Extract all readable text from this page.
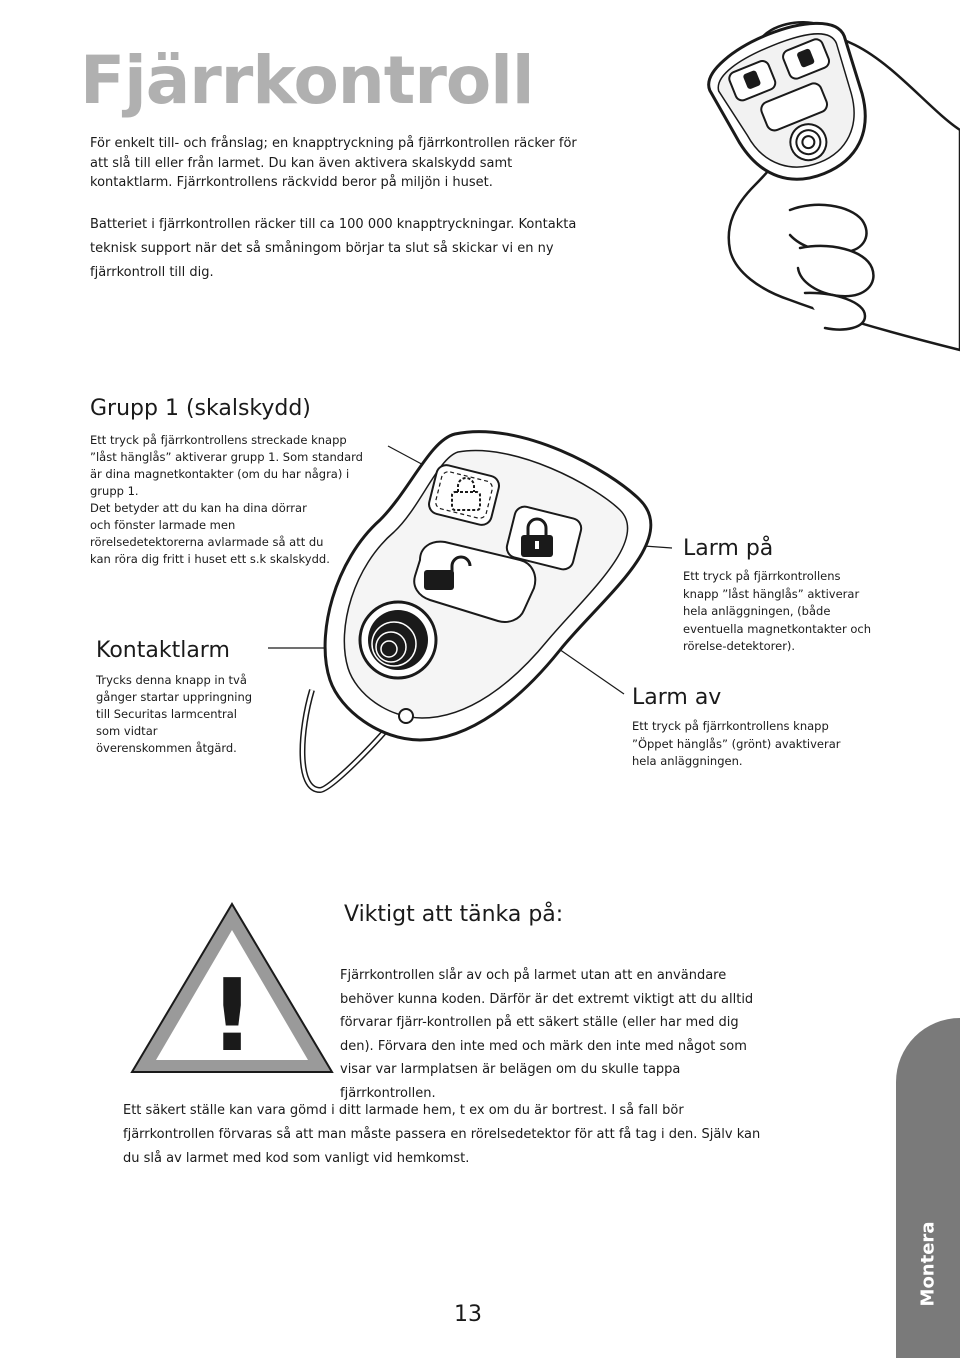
Fjärrkontroll

För enkelt till- och frånslag; en knapptryckning på fjärrkontrollen räcker för att slå till eller från larmet. Du kan även aktivera skalskydd samt kontaktlarm. Fjärrkontrollens räckvidd beror på miljön i huset.

Batteriet i fjärrkontrollen räcker till ca 100 000 knapptryckningar. Kontakta teknisk support när det så småningom börjar ta slut så skickar vi en ny fjärrkontroll till dig.

Grupp 1 (skalskydd)
Ett tryck på fjärrkontrollens streckade knapp ”låst hänglås” aktiverar grupp 1. Som standard är dina magnetkontakter (om du har några) i grupp 1.
Det betyder att du kan ha dina dörrar och fönster larmade men rörelsedetektorerna avlarmade så att du kan röra dig fritt i huset ett s.k skalskydd.
Kontaktlarm
Trycks denna knapp in två gånger startar uppringning till Securitas larmcentral som vidtar överenskommen åtgärd.
Larm på
Ett tryck på fjärrkontrollens knapp ”låst hänglås” aktiverar hela anläggningen, (både eventuella magnetkontakter och rörelse-detektorer).
Larm av
Ett tryck på fjärrkontrollens knapp ”Öppet hänglås” (grönt) avaktiverar hela anläggningen.
!
Viktigt att tänka på:
Fjärrkontrollen slår av och på larmet utan att en användare behöver kunna koden. Därför är det extremt viktigt att du alltid förvarar fjärr-kontrollen på ett säkert ställe (eller har med dig den). Förvara den inte med och märk den inte med något som visar var larmplatsen är belägen om du skulle tappa fjärrkontrollen.
Ett säkert ställe kan vara gömd i ditt larmade hem, t ex om du är bortrest. I så fall bör fjärrkontrollen förvaras så att man måste passera en rörelsedetektor för att få tag i den. Själv kan du slå av larmet med kod som vanligt vid hemkomst.
13
Montera
